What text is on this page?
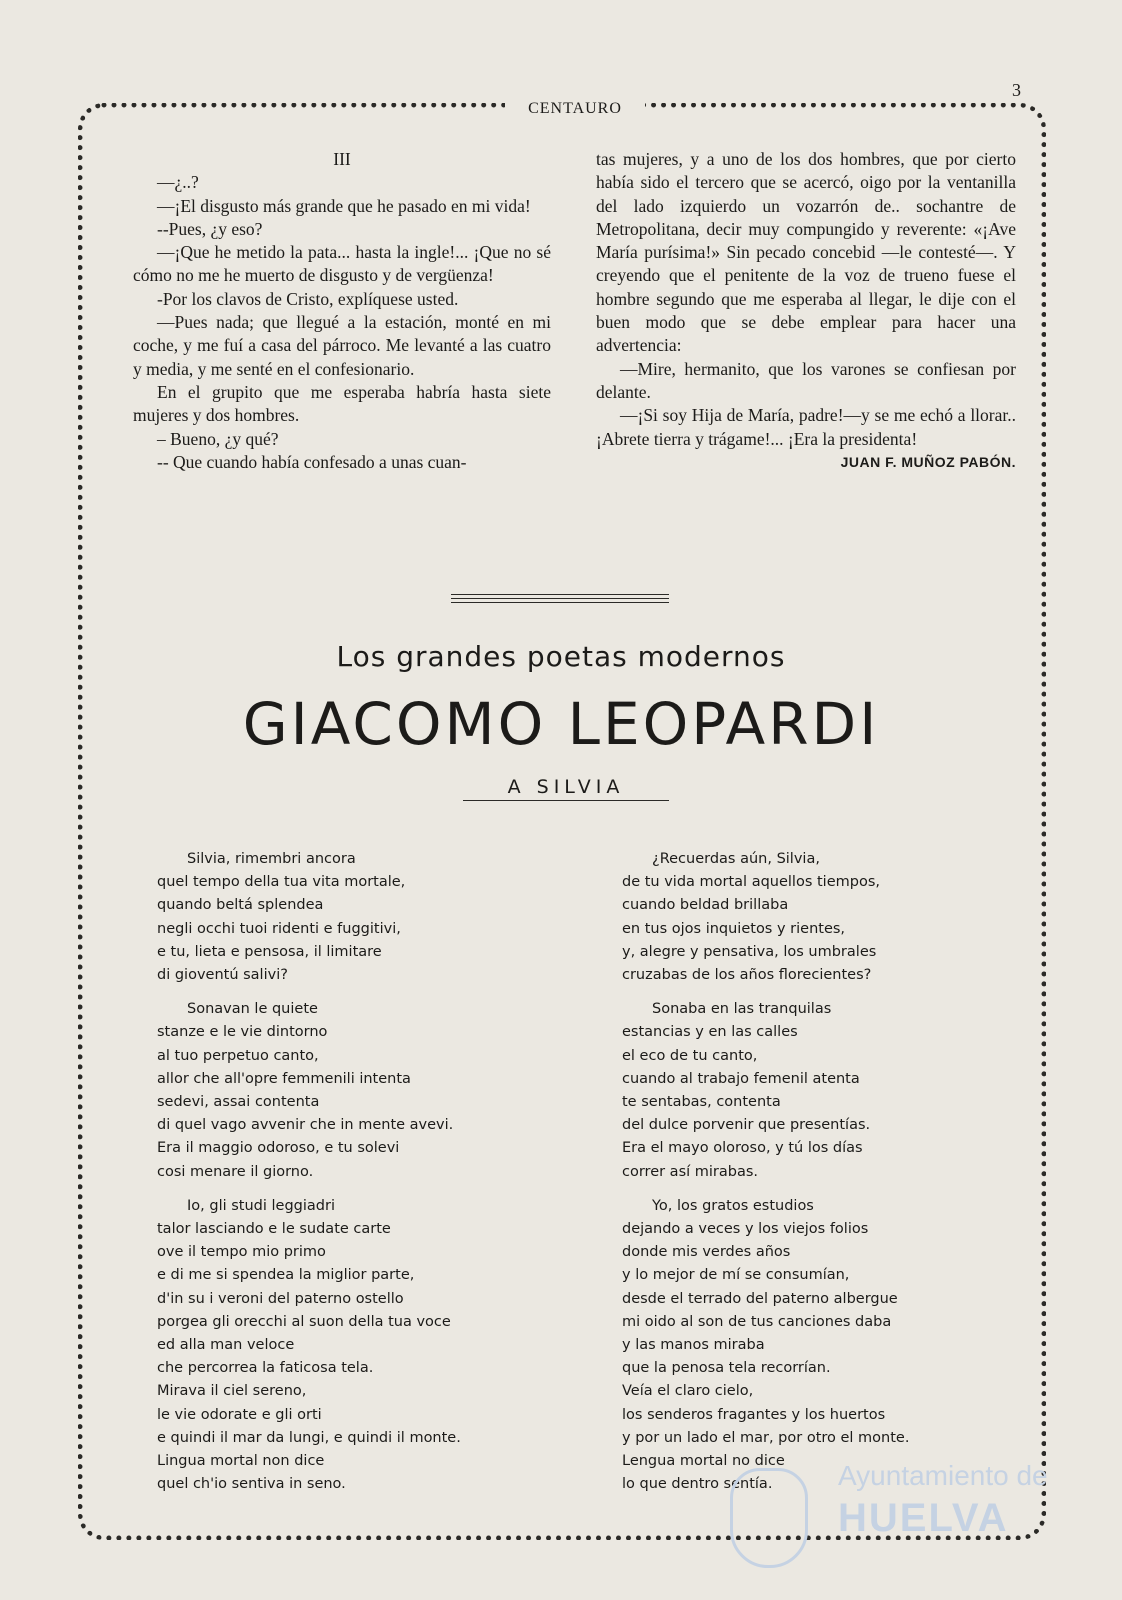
3
CENTAURO

III

—¿..?

—¡El disgusto más grande que he pasado en mi vida!

--Pues, ¿y eso?

—¡Que he metido la pata... hasta la ingle!... ¡Que no sé cómo no me he muerto de disgusto y de vergüenza!

-Por los clavos de Cristo, explíquese usted.

—Pues nada; que llegué a la estación, monté en mi coche, y me fuí a casa del párroco. Me levanté a las cuatro y media, y me senté en el confesionario.

En el grupito que me esperaba habría hasta siete mujeres y dos hombres.

– Bueno, ¿y qué?

-- Que cuando había confesado a unas cuan-

tas mujeres, y a uno de los dos hombres, que por cierto había sido el tercero que se acercó, oigo por la ventanilla del lado izquierdo un vozarrón de.. sochantre de Metropolitana, decir muy compungido y reverente: «¡Ave María purísima!» Sin pecado concebid —le contesté—. Y creyendo que el penitente de la voz de trueno fuese el hombre segundo que me esperaba al llegar, le dije con el buen modo que se debe emplear para hacer una advertencia:

—Mire, hermanito, que los varones se confiesan por delante.

—¡Si soy Hija de María, padre!—y se me echó a llorar.. ¡Abrete tierra y trágame!... ¡Era la presidenta!

JUAN F. MUÑOZ PABÓN.

Los grandes poetas modernos
GIACOMO LEOPARDI
A SILVIA
Silvia, rimembri ancora
quel tempo della tua vita mortale,
quando beltá splendea
negli occhi tuoi ridenti e fuggitivi,
e tu, lieta e pensosa, il limitare
di gioventú salivi?
Sonavan le quiete
stanze e le vie dintorno
al tuo perpetuo canto,
allor che all'opre femmenili intenta
sedevi, assai contenta
di quel vago avvenir che in mente avevi.
Era il maggio odoroso, e tu solevi
cosi menare il giorno.
Io, gli studi leggiadri
talor lasciando e le sudate carte
ove il tempo mio primo
e di me si spendea la miglior parte,
d'in su i veroni del paterno ostello
porgea gli orecchi al suon della tua voce
ed alla man veloce
che percorrea la faticosa tela.
Mirava il ciel sereno,
le vie odorate e gli orti
e quindi il mar da lungi, e quindi il monte.
Lingua mortal non dice
quel ch'io sentiva in seno.
¿Recuerdas aún, Silvia,
de tu vida mortal aquellos tiempos,
cuando beldad brillaba
en tus ojos inquietos y rientes,
y, alegre y pensativa, los umbrales
cruzabas de los años florecientes?
Sonaba en las tranquilas
estancias y en las calles
el eco de tu canto,
cuando al trabajo femenil atenta
te sentabas, contenta
del dulce porvenir que presentías.
Era el mayo oloroso, y tú los días
correr así mirabas.
Yo, los gratos estudios
dejando a veces y los viejos folios
donde mis verdes años
y lo mejor de mí se consumían,
desde el terrado del paterno albergue
mi oido al son de tus canciones daba
y las manos miraba
que la penosa tela recorrían.
Veía el claro cielo,
los senderos fragantes y los huertos
y por un lado el mar, por otro el monte.
Lengua mortal no dice
lo que dentro sentía.	Ayuntamiento de
HUELVA
